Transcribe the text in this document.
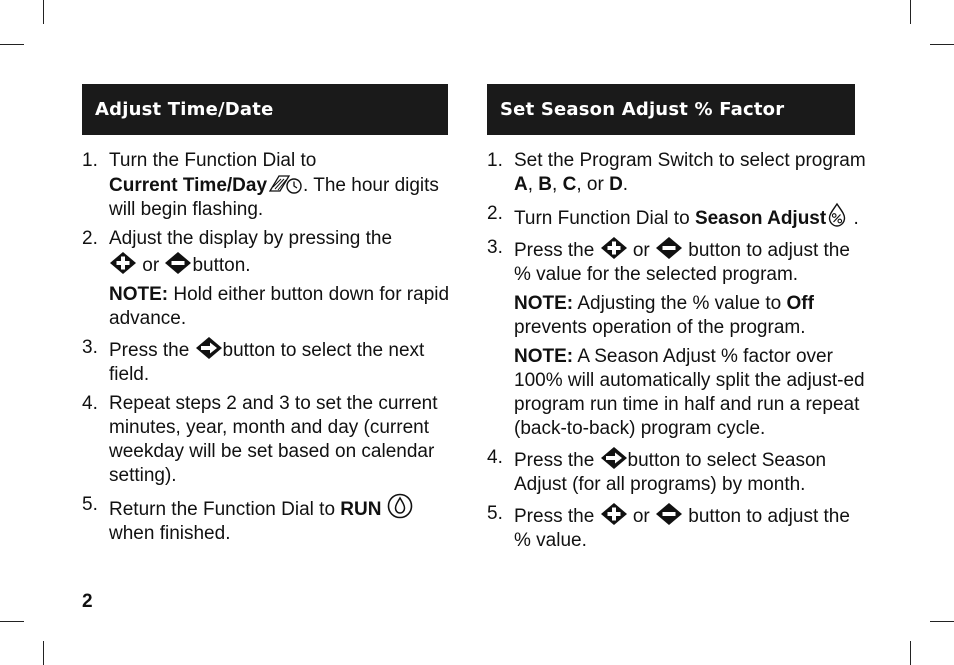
Adjust Time/Date
1. Turn the Function Dial to
Current Time/Day . The hour digits will begin flashing.
2. Adjust the display by pressing the

or button.
NOTE: Hold either button down for rapid advance.
3. Press the button to select the next field.
4. Repeat steps 2 and 3 to set the current minutes, year, month and day (current weekday will be set based on calendar setting).
5. Return the Function Dial to RUN

when finished.
Set Season Adjust % Factor
1. Set the Program Switch to select program A, B, C, or D.
2. Turn Function Dial to Season Adjust .
3. Press the or button to adjust the % value for the selected program.
NOTE: Adjusting the % value to Off prevents operation of the program.
NOTE: A Season Adjust % factor over 100% will automatically split the adjust-ed program run time in half and run a repeat (back-to-back) program cycle.
4. Press the button to select Season Adjust (for all programs) by month.
5. Press the or button to adjust the % value.
2
